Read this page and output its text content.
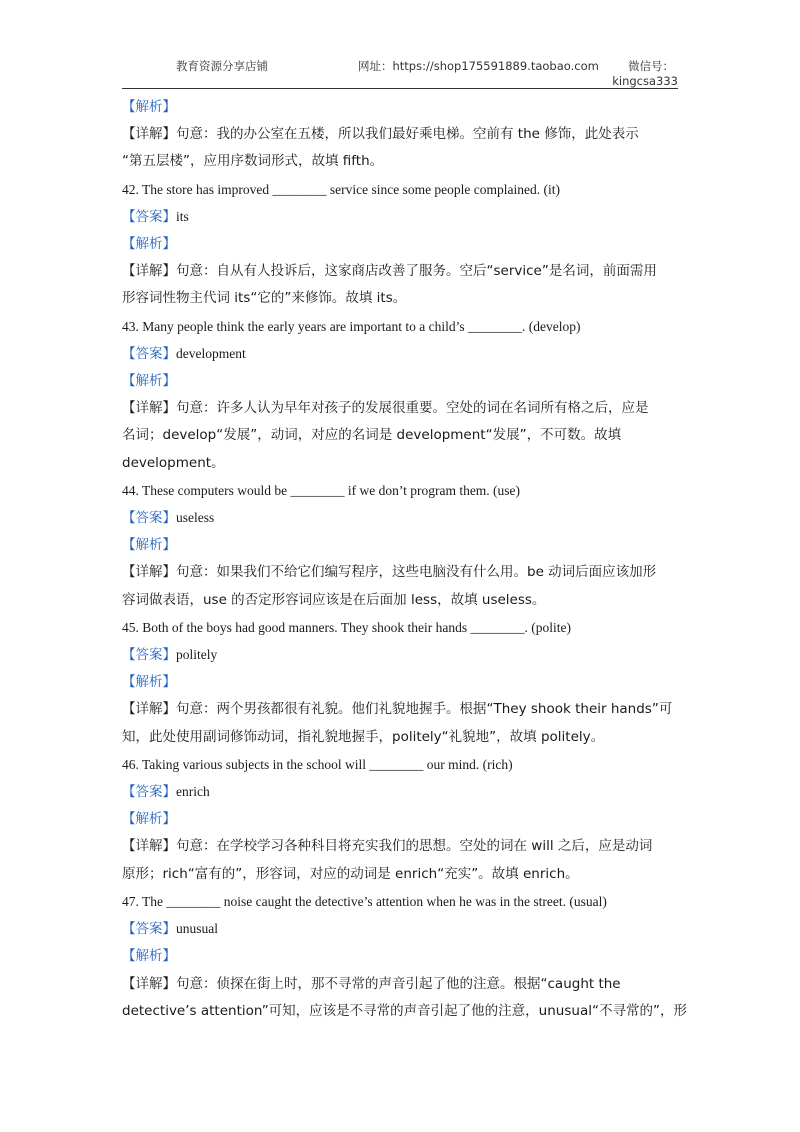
教育资源分享店铺	网址：https://shop175591889.taobao.com	微信号：
kingcsa333
【解析】
【详解】句意：我的办公室在五楼，所以我们最好乘电梯。空前有 the 修饰，此处表示
“第五层楼”，应用序数词形式，故填 fifth。
42. The store has improved ________ service since some people complained. (it)
【答案】its
【解析】
【详解】句意：自从有人投诉后，这家商店改善了服务。空后“service”是名词，前面需用
形容词性物主代词 its“它的”来修饰。故填 its。
43. Many people think the early years are important to a child’s ________. (develop)
【答案】development
【解析】
【详解】句意：许多人认为早年对孩子的发展很重要。空处的词在名词所有格之后，应是
名词；develop“发展”，动词，对应的名词是 development“发展”，不可数。故填
development。
44. These computers would be ________ if we don’t program them. (use)
【答案】useless
【解析】
【详解】句意：如果我们不给它们编写程序，这些电脑没有什么用。be 动词后面应该加形
容词做表语，use 的否定形容词应该是在后面加 less，故填 useless。
45. Both of the boys had good manners. They shook their hands ________. (polite)
【答案】politely
【解析】
【详解】句意：两个男孩都很有礼貌。他们礼貌地握手。根据“They shook their hands”可
知，此处使用副词修饰动词，指礼貌地握手，politely“礼貌地”，故填 politely。
46. Taking various subjects in the school will ________ our mind. (rich)
【答案】enrich
【解析】
【详解】句意：在学校学习各种科目将充实我们的思想。空处的词在 will 之后，应是动词
原形；rich“富有的”，形容词，对应的动词是 enrich“充实”。故填 enrich。
47. The ________ noise caught the detective’s attention when he was in the street. (usual)
【答案】unusual
【解析】
【详解】句意：侦探在街上时，那不寻常的声音引起了他的注意。根据“caught the
detective’s attention”可知，应该是不寻常的声音引起了他的注意，unusual“不寻常的”，形
